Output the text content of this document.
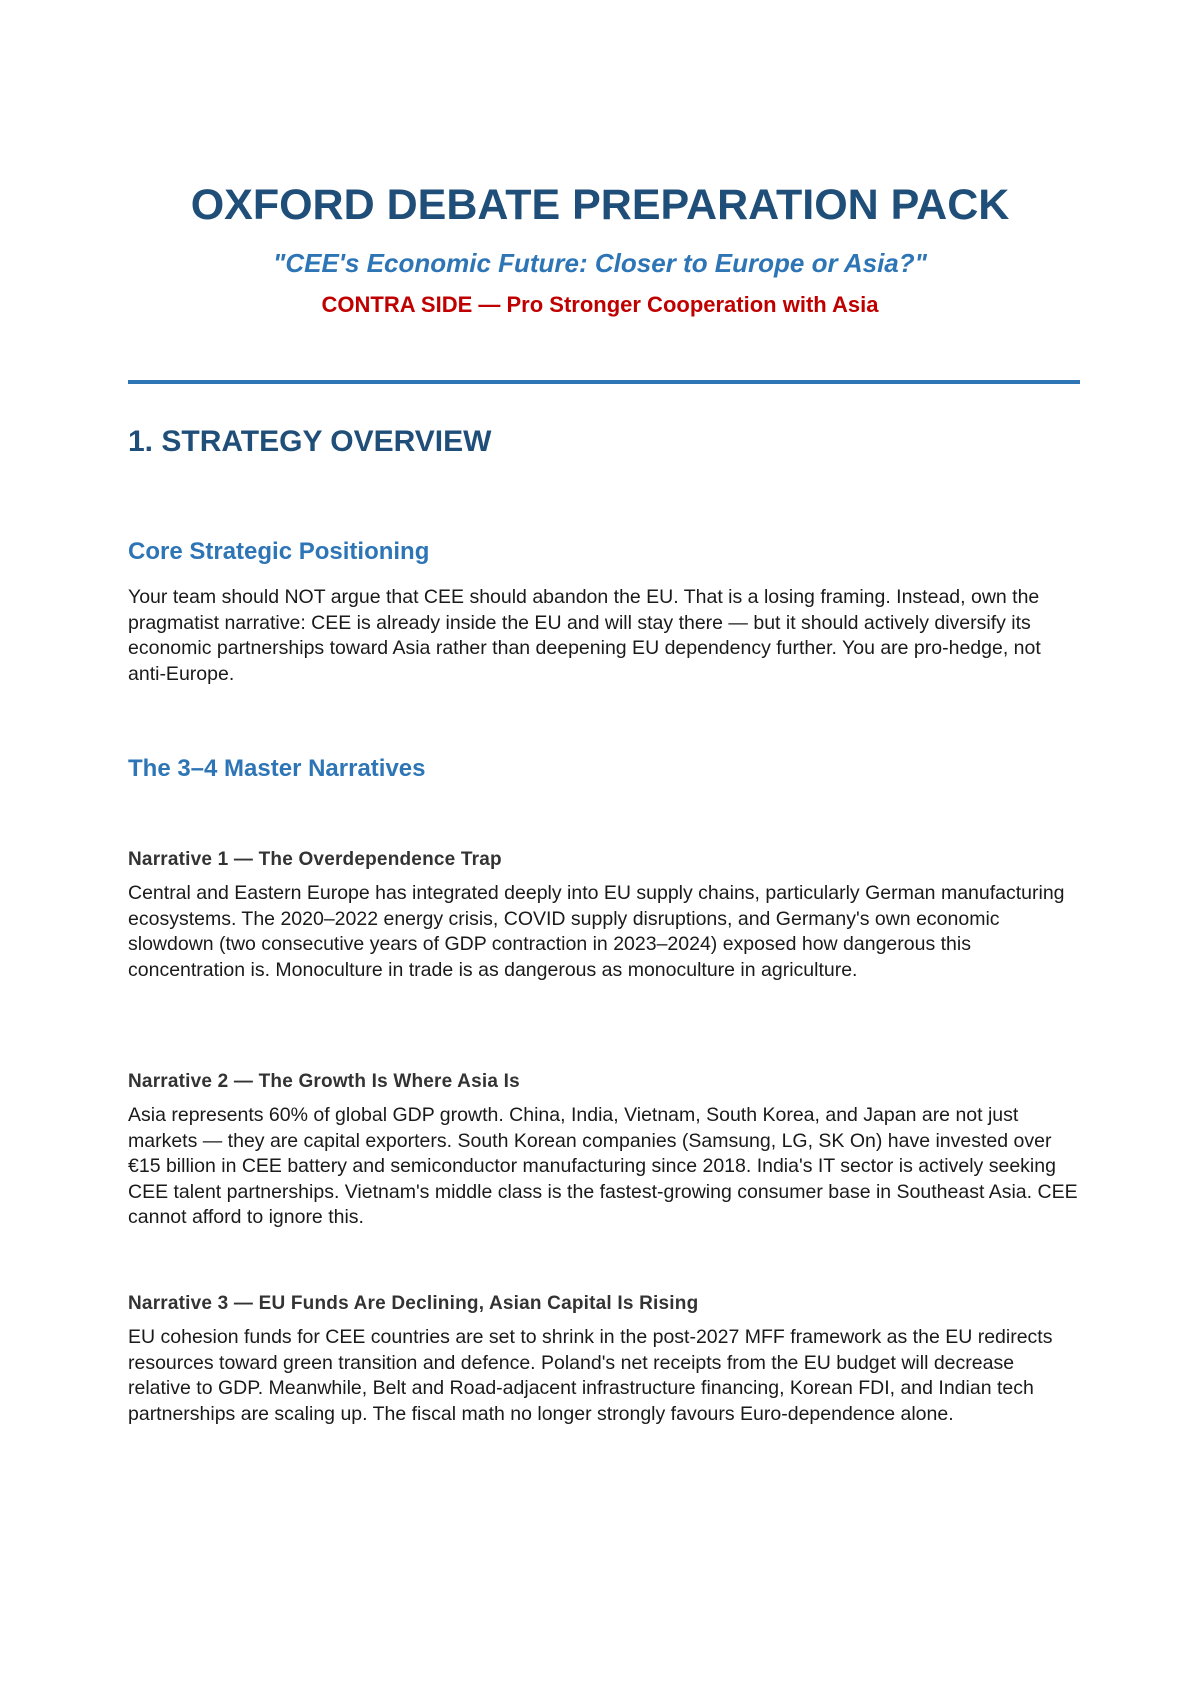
OXFORD DEBATE PREPARATION PACK
"CEE's Economic Future: Closer to Europe or Asia?"
CONTRA SIDE — Pro Stronger Cooperation with Asia
1. STRATEGY OVERVIEW
Core Strategic Positioning

Your team should NOT argue that CEE should abandon the EU. That is a losing framing. Instead, own the pragmatist narrative: CEE is already inside the EU and will stay there — but it should actively diversify its economic partnerships toward Asia rather than deepening EU dependency further. You are pro-hedge, not anti-Europe.

The 3–4 Master Narratives
Narrative 1 — The Overdependence Trap

Central and Eastern Europe has integrated deeply into EU supply chains, particularly German manufacturing ecosystems. The 2020–2022 energy crisis, COVID supply disruptions, and Germany's own economic slowdown (two consecutive years of GDP contraction in 2023–2024) exposed how dangerous this concentration is. Monoculture in trade is as dangerous as monoculture in agriculture.

Narrative 2 — The Growth Is Where Asia Is

Asia represents 60% of global GDP growth. China, India, Vietnam, South Korea, and Japan are not just markets — they are capital exporters. South Korean companies (Samsung, LG, SK On) have invested over €15 billion in CEE battery and semiconductor manufacturing since 2018. India's IT sector is actively seeking CEE talent partnerships. Vietnam's middle class is the fastest-growing consumer base in Southeast Asia. CEE cannot afford to ignore this.

Narrative 3 — EU Funds Are Declining, Asian Capital Is Rising

EU cohesion funds for CEE countries are set to shrink in the post-2027 MFF framework as the EU redirects resources toward green transition and defence. Poland's net receipts from the EU budget will decrease relative to GDP. Meanwhile, Belt and Road-adjacent infrastructure financing, Korean FDI, and Indian tech partnerships are scaling up. The fiscal math no longer strongly favours Euro-dependence alone.
